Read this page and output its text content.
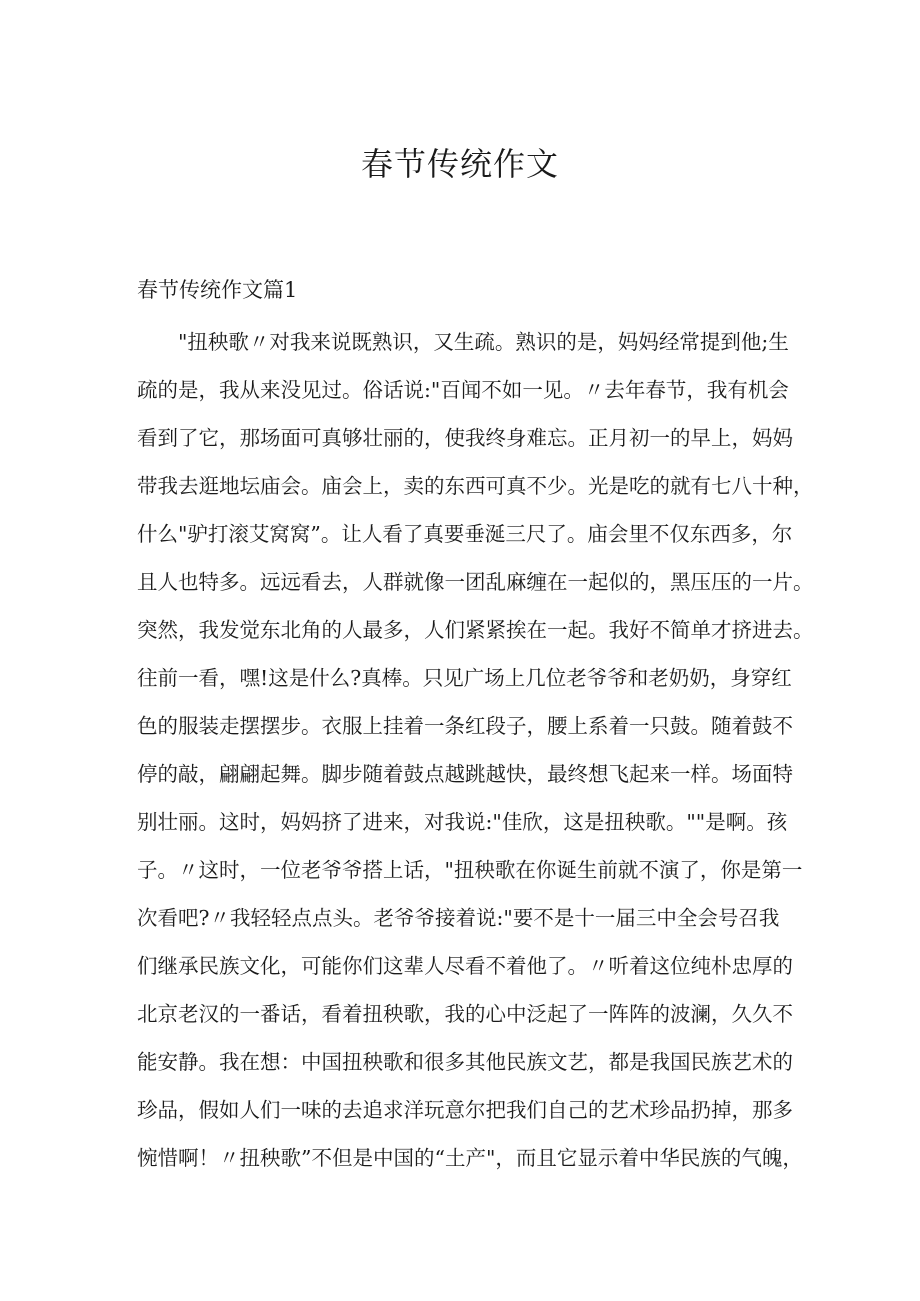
春节传统作文
春节传统作文篇1
"扭秧歌〃对我来说既熟识，又生疏。熟识的是，妈妈经常提到他;生
疏的是，我从来没见过。俗话说:"百闻不如一见。〃去年春节，我有机会
看到了它，那场面可真够壮丽的，使我终身难忘。正月初一的早上，妈妈
带我去逛地坛庙会。庙会上，卖的东西可真不少。光是吃的就有七八十种，
什么"驴打滚艾窝窝”。让人看了真要垂涎三尺了。庙会里不仅东西多，尔
且人也特多。远远看去，人群就像一团乱麻缠在一起似的，黑压压的一片。
突然，我发觉东北角的人最多，人们紧紧挨在一起。我好不简单才挤进去。
往前一看，嘿!这是什么?真棒。只见广场上几位老爷爷和老奶奶，身穿红
色的服装走摆摆步。衣服上挂着一条红段子，腰上系着一只鼓。随着鼓不
停的敲，翩翩起舞。脚步随着鼓点越跳越快，最终想飞起来一样。场面特
别壮丽。这时，妈妈挤了进来，对我说:"佳欣，这是扭秧歌。""是啊。孩
子。〃这时，一位老爷爷搭上话，"扭秧歌在你诞生前就不演了，你是第一
次看吧?〃我轻轻点点头。老爷爷接着说:"要不是十一届三中全会号召我
们继承民族文化，可能你们这辈人尽看不着他了。〃听着这位纯朴忠厚的
北京老汉的一番话，看着扭秧歌，我的心中泛起了一阵阵的波澜，久久不
能安静。我在想：中国扭秧歌和很多其他民族文艺，都是我国民族艺术的
珍品，假如人们一味的去追求洋玩意尔把我们自己的艺术珍品扔掉，那多
惋惜啊！〃扭秧歌”不但是中国的“土产"，而且它显示着中华民族的气魄，
